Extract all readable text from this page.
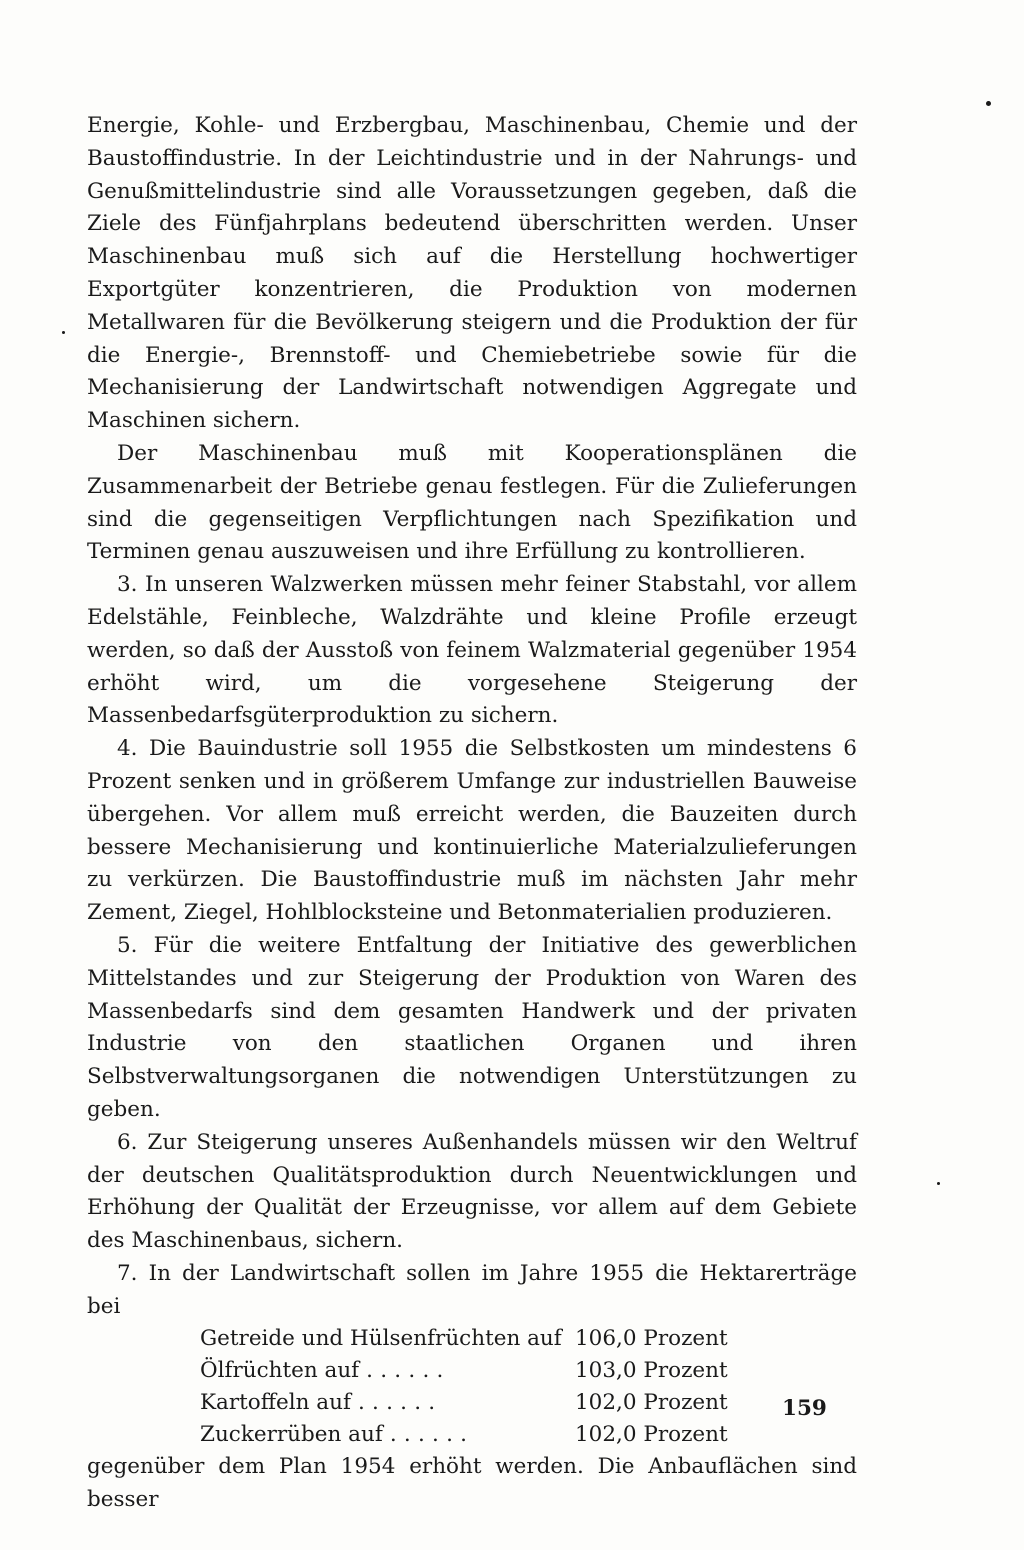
Energie, Kohle- und Erzbergbau, Maschinenbau, Chemie und der Baustoffindustrie. In der Leichtindustrie und in der Nahrungs- und Genußmittelindustrie sind alle Voraussetzungen gegeben, daß die Ziele des Fünfjahrplans bedeutend überschritten werden. Unser Maschinenbau muß sich auf die Herstellung hochwertiger Exportgüter konzentrieren, die Produktion von modernen Metallwaren für die Bevölkerung steigern und die Produktion der für die Energie-, Brennstoff- und Chemiebetriebe sowie für die Mechanisierung der Landwirtschaft notwendigen Aggregate und Maschinen sichern.

Der Maschinenbau muß mit Kooperationsplänen die Zusammenarbeit der Betriebe genau festlegen. Für die Zulieferungen sind die gegenseitigen Verpflichtungen nach Spezifikation und Terminen genau auszuweisen und ihre Erfüllung zu kontrollieren.

3. In unseren Walzwerken müssen mehr feiner Stabstahl, vor allem Edelstähle, Feinbleche, Walzdrähte und kleine Profile erzeugt werden, so daß der Ausstoß von feinem Walzmaterial gegenüber 1954 erhöht wird, um die vorgesehene Steigerung der Massenbedarfsgüterproduktion zu sichern.

4. Die Bauindustrie soll 1955 die Selbstkosten um mindestens 6 Prozent senken und in größerem Umfange zur industriellen Bauweise übergehen. Vor allem muß erreicht werden, die Bauzeiten durch bessere Mechanisierung und kontinuierliche Materialzulieferungen zu verkürzen. Die Baustoffindustrie muß im nächsten Jahr mehr Zement, Ziegel, Hohlblocksteine und Betonmaterialien produzieren.

5. Für die weitere Entfaltung der Initiative des gewerblichen Mittelstandes und zur Steigerung der Produktion von Waren des Massenbedarfs sind dem gesamten Handwerk und der privaten Industrie von den staatlichen Organen und ihren Selbstverwaltungsorganen die notwendigen Unterstützungen zu geben.

6. Zur Steigerung unseres Außenhandels müssen wir den Weltruf der deutschen Qualitätsproduktion durch Neuentwicklungen und Erhöhung der Qualität der Erzeugnisse, vor allem auf dem Gebiete des Maschinenbaus, sichern.

7. In der Landwirtschaft sollen im Jahre 1955 die Hektarerträge bei

Getreide und Hülsenfrüchten auf	106,0 Prozent
Ölfrüchten auf . . . . . .	103,0 Prozent
Kartoffeln auf . . . . . .	102,0 Prozent
Zuckerrüben auf . . . . . .	102,0 Prozent

gegenüber dem Plan 1954 erhöht werden. Die Anbauflächen sind besser

159
